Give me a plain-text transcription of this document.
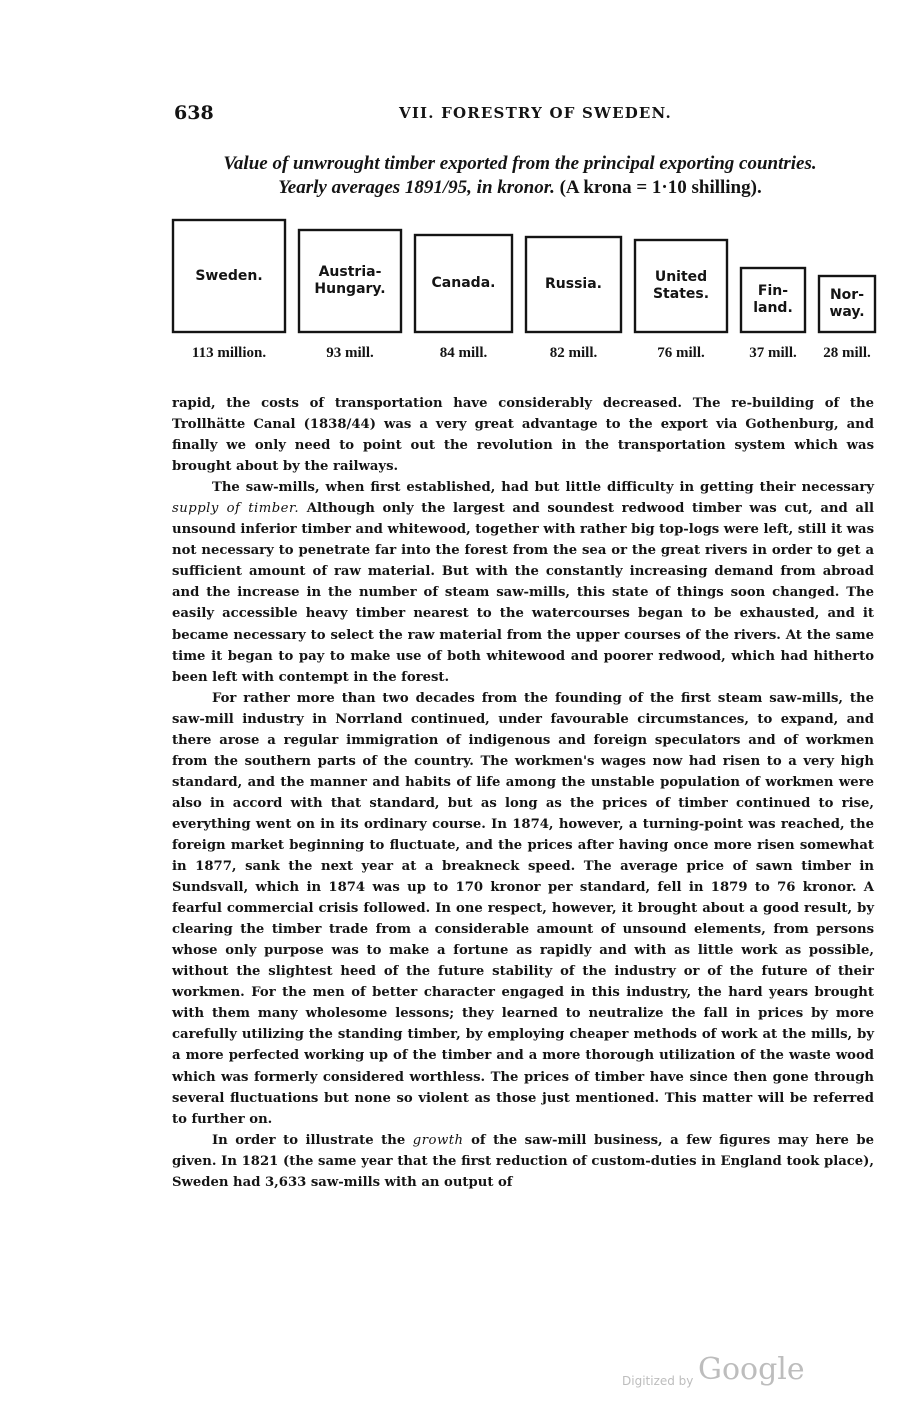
638	VII. FORESTRY OF SWEDEN.
Value of unwrought timber exported from the principal exporting countries.
Yearly averages 1891/95, in kronor. (A krona = 1·10 shilling).
Sweden.
113 million.
Austria-
Hungary.
93 mill.
Canada.
84 mill.
Russia.
82 mill.
United
States.
76 mill.
Fin-
land.
37 mill.
Nor-
way.
28 mill.

rapid, the costs of transportation have considerably decreased. The re-building of the Trollhätte Canal (1838/44) was a very great advantage to the export via Gothenburg, and finally we only need to point out the revolution in the transportation system which was brought about by the railways.

The saw-mills, when first established, had but little difficulty in getting their necessary supply of timber. Although only the largest and soundest redwood timber was cut, and all unsound inferior timber and whitewood, together with rather big top-logs were left, still it was not necessary to penetrate far into the forest from the sea or the great rivers in order to get a sufficient amount of raw material. But with the constantly increasing demand from abroad and the increase in the number of steam saw-mills, this state of things soon changed. The easily accessible heavy timber nearest to the watercourses began to be exhausted, and it became necessary to select the raw material from the upper courses of the rivers. At the same time it began to pay to make use of both whitewood and poorer redwood, which had hitherto been left with contempt in the forest.

For rather more than two decades from the founding of the first steam saw-mills, the saw-mill industry in Norrland continued, under favourable circumstances, to expand, and there arose a regular immigration of indigenous and foreign speculators and of workmen from the southern parts of the country. The workmen's wages now had risen to a very high standard, and the manner and habits of life among the unstable population of workmen were also in accord with that standard, but as long as the prices of timber continued to rise, everything went on in its ordinary course. In 1874, however, a turning-point was reached, the foreign market beginning to fluctuate, and the prices after having once more risen somewhat in 1877, sank the next year at a breakneck speed. The average price of sawn timber in Sundsvall, which in 1874 was up to 170 kronor per standard, fell in 1879 to 76 kronor. A fearful commercial crisis followed. In one respect, however, it brought about a good result, by clearing the timber trade from a considerable amount of unsound elements, from persons whose only purpose was to make a fortune as rapidly and with as little work as possible, without the slightest heed of the future stability of the industry or of the future of their workmen. For the men of better character engaged in this industry, the hard years brought with them many wholesome lessons; they learned to neutralize the fall in prices by more carefully utilizing the standing timber, by employing cheaper methods of work at the mills, by a more perfected working up of the timber and a more thorough utilization of the waste wood which was formerly considered worthless. The prices of timber have since then gone through several fluctuations but none so violent as those just mentioned. This matter will be referred to further on.

In order to illustrate the growth of the saw-mill business, a few figures may here be given. In 1821 (the same year that the first reduction of custom-duties in England took place), Sweden had 3,633 saw-mills with an output of

Digitized by Google
